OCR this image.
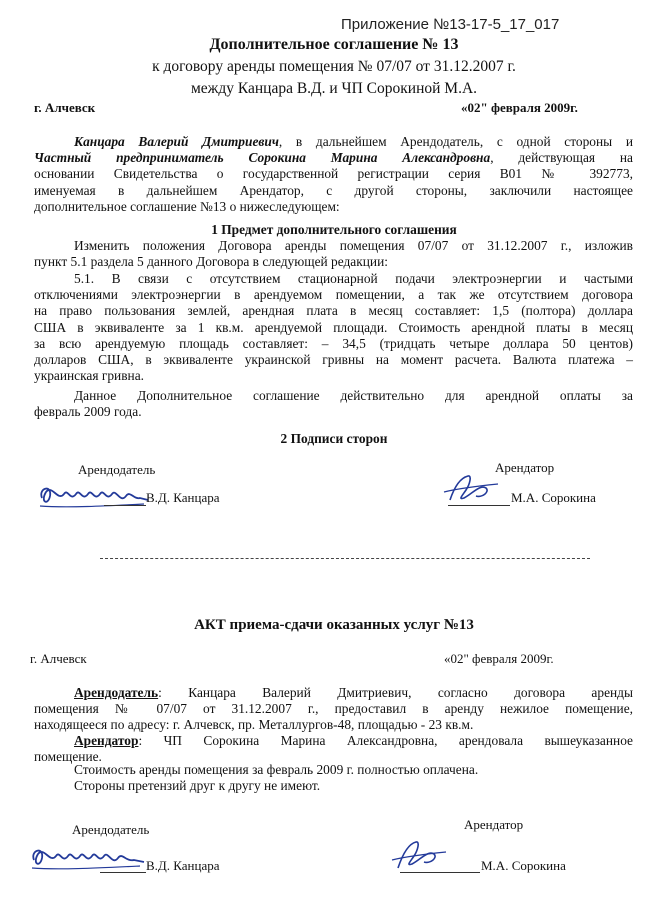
Приложение №13-17-5_17_017
Дополнительное соглашение № 13
к договору аренды помещения № 07/07 от 31.12.2007 г.
между Канцара В.Д. и ЧП Сорокиной М.А.
г. Алчевск	«02" февраля 2009г.
Канцара Валерий Дмитриевич, в дальнейшем Арендодатель, с одной стороны и
Частный предприниматель Сорокина Марина Александровна, действующая на
основании Свидетельства о государственной регистрации серия В01 № 392773,
именуемая в дальнейшем Арендатор, с другой стороны, заключили настоящее
дополнительное соглашение №13 о нижеследующем:
1 Предмет дополнительного соглашения
Изменить положения Договора аренды помещения 07/07 от 31.12.2007 г., изложив
пункт 5.1 раздела 5 данного Договора в следующей редакции:
5.1. В связи с отсутствием стационарной подачи электроэнергии и частыми
отключениями электроэнергии в арендуемом помещении, а так же отсутствием договора
на право пользования землей, арендная плата в месяц составляет: 1,5 (полтора) доллара
США в эквиваленте за 1 кв.м. арендуемой площади. Стоимость арендной платы в месяц
за всю арендуемую площадь составляет: – 34,5 (тридцать четыре доллара 50 центов)
долларов США, в эквиваленте украинской гривны на момент расчета. Валюта платежа –
украинская гривна.
Данное Дополнительное соглашение действительно для арендной оплаты за
февраль 2009 года.
2 Подписи сторон
Арендодатель	Арендатор
В.Д. Канцара	М.А. Сорокина
АКТ приема-сдачи оказанных услуг №13
г. Алчевск	«02" февраля 2009г.
Арендодатель: Канцара Валерий Дмитриевич, согласно договора аренды
помещения № 07/07 от 31.12.2007 г., предоставил в аренду нежилое помещение,
находящееся по адресу: г. Алчевск, пр. Металлургов-48, площадью - 23 кв.м.
Арендатор: ЧП Сорокина Марина Александровна, арендовала вышеуказанное
помещение.
Стоимость аренды помещения за февраль 2009 г. полностью оплачена.
Стороны претензий друг к другу не имеют.
Арендодатель	Арендатор
В.Д. Канцара	М.А. Сорокина
